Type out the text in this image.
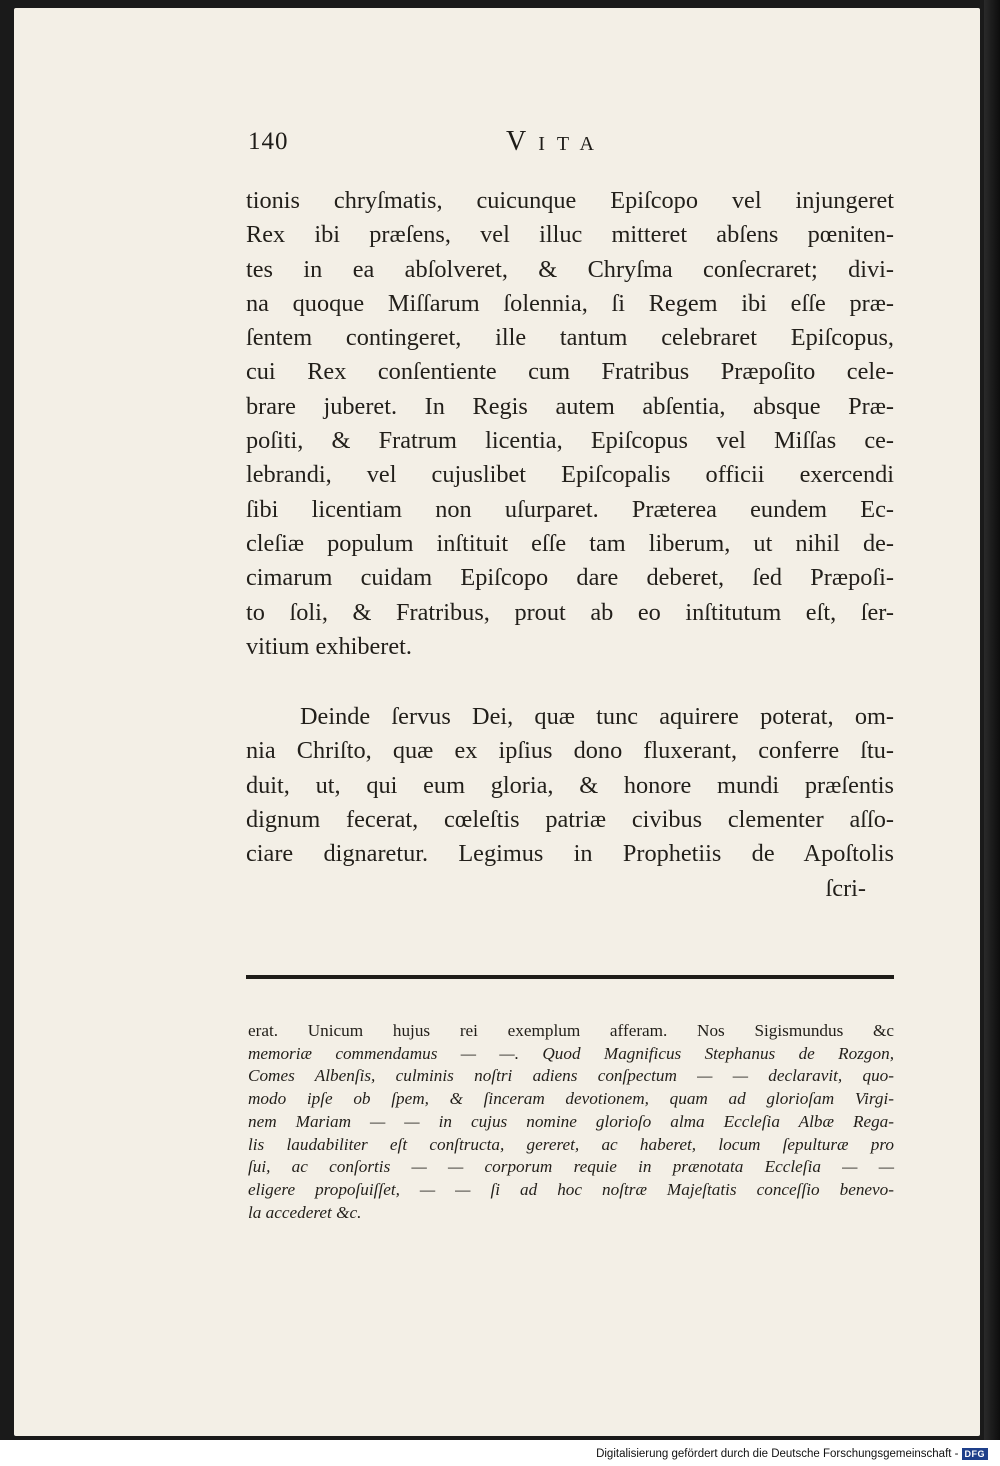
140	Vita
tionis chryſmatis, cuicunque Epiſcopo vel injungeret
Rex ibi præſens, vel illuc mitteret abſens pœniten-
tes in ea abſolveret, & Chryſma conſecraret; divi-
na quoque Miſſarum ſolennia, ſi Regem ibi eſſe præ-
ſentem contingeret, ille tantum celebraret Epiſcopus,
cui Rex conſentiente cum Fratribus Præpoſito cele-
brare juberet. In Regis autem abſentia, absque Præ-
poſiti, & Fratrum licentia, Epiſcopus vel Miſſas ce-
lebrandi, vel cujuslibet Epiſcopalis officii exercendi
ſibi licentiam non uſurparet. Præterea eundem Ec-
cleſiæ populum inſtituit eſſe tam liberum, ut nihil de-
cimarum cuidam Epiſcopo dare deberet, ſed Præpoſi-
to ſoli, & Fratribus, prout ab eo inſtitutum eſt, ſer-
vitium exhiberet.
Deinde ſervus Dei, quæ tunc aquirere poterat, om-
nia Chriſto, quæ ex ipſius dono fluxerant, conferre ſtu-
duit, ut, qui eum gloria, & honore mundi præſentis
dignum fecerat, cœleſtis patriæ civibus clementer aſſo-
ciare dignaretur. Legimus in Prophetiis de Apoſtolis
ſcri-
erat. Unicum hujus rei exemplum afferam. Nos Sigismundus &c
memoriæ commendamus — —. Quod Magnificus Stephanus de Rozgon,
Comes Albenſis, culminis noſtri adiens conſpectum — — declaravit, quo-
modo ipſe ob ſpem, & ſinceram devotionem, quam ad glorioſam Virgi-
nem Mariam — — in cujus nomine glorioſo alma Eccleſia Albæ Rega-
lis laudabiliter eſt conſtructa, gereret, ac haberet, locum ſepulturæ pro
ſui, ac conſortis — — corporum requie in prænotata Eccleſia — —
eligere propoſuiſſet, — — ſi ad hoc noſtræ Majeſtatis conceſſio benevo-
la accederet &c.
Digitalisierung gefördert durch die Deutsche Forschungsgemeinschaft - DFG
